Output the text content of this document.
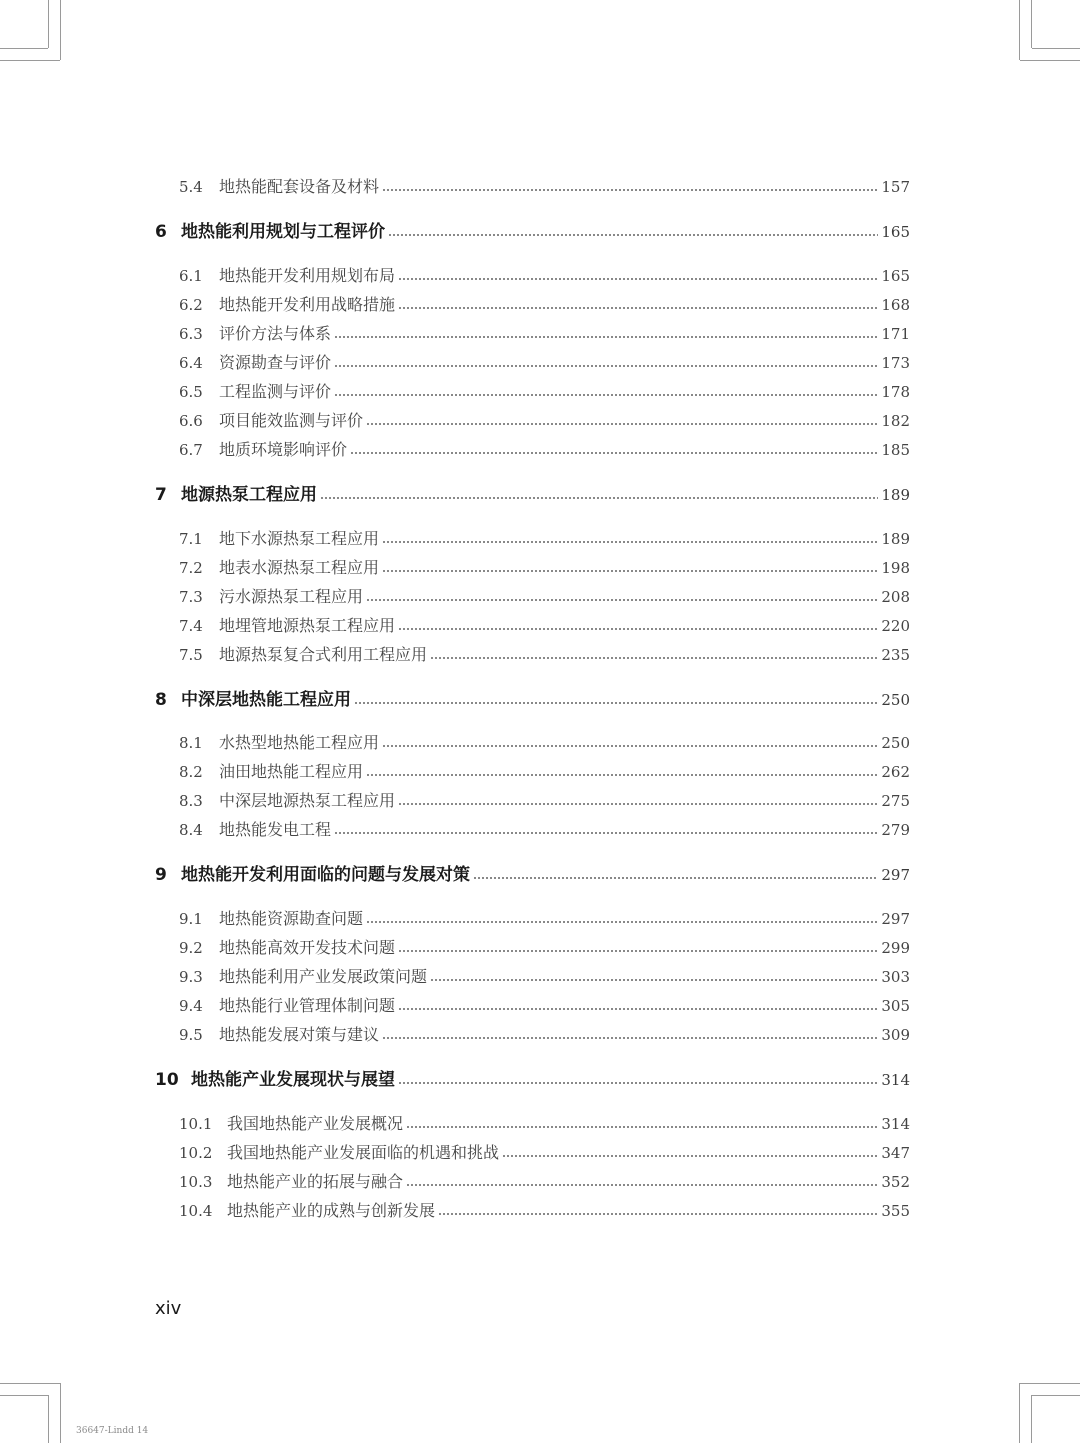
5.4	地热能配套设备及材料	157
6 地热能利用规划与工程评价	165
6.1	地热能开发利用规划布局	165
6.2	地热能开发利用战略措施	168
6.3	评价方法与体系	171
6.4	资源勘查与评价	173
6.5	工程监测与评价	178
6.6	项目能效监测与评价	182
6.7	地质环境影响评价	185
7 地源热泵工程应用	189
7.1	地下水源热泵工程应用	189
7.2	地表水源热泵工程应用	198
7.3	污水源热泵工程应用	208
7.4	地埋管地源热泵工程应用	220
7.5	地源热泵复合式利用工程应用	235
8 中深层地热能工程应用	250
8.1	水热型地热能工程应用	250
8.2	油田地热能工程应用	262
8.3	中深层地源热泵工程应用	275
8.4	地热能发电工程	279
9 地热能开发利用面临的问题与发展对策	297
9.1	地热能资源勘查问题	297
9.2	地热能高效开发技术问题	299
9.3	地热能利用产业发展政策问题	303
9.4	地热能行业管理体制问题	305
9.5	地热能发展对策与建议	309
10 地热能产业发展现状与展望	314
10.1 我国地热能产业发展概况	314
10.2 我国地热能产业发展面临的机遇和挑战	347
10.3 地热能产业的拓展与融合	352
10.4 地热能产业的成熟与创新发展	355
xiv
36647-Lindd 14
